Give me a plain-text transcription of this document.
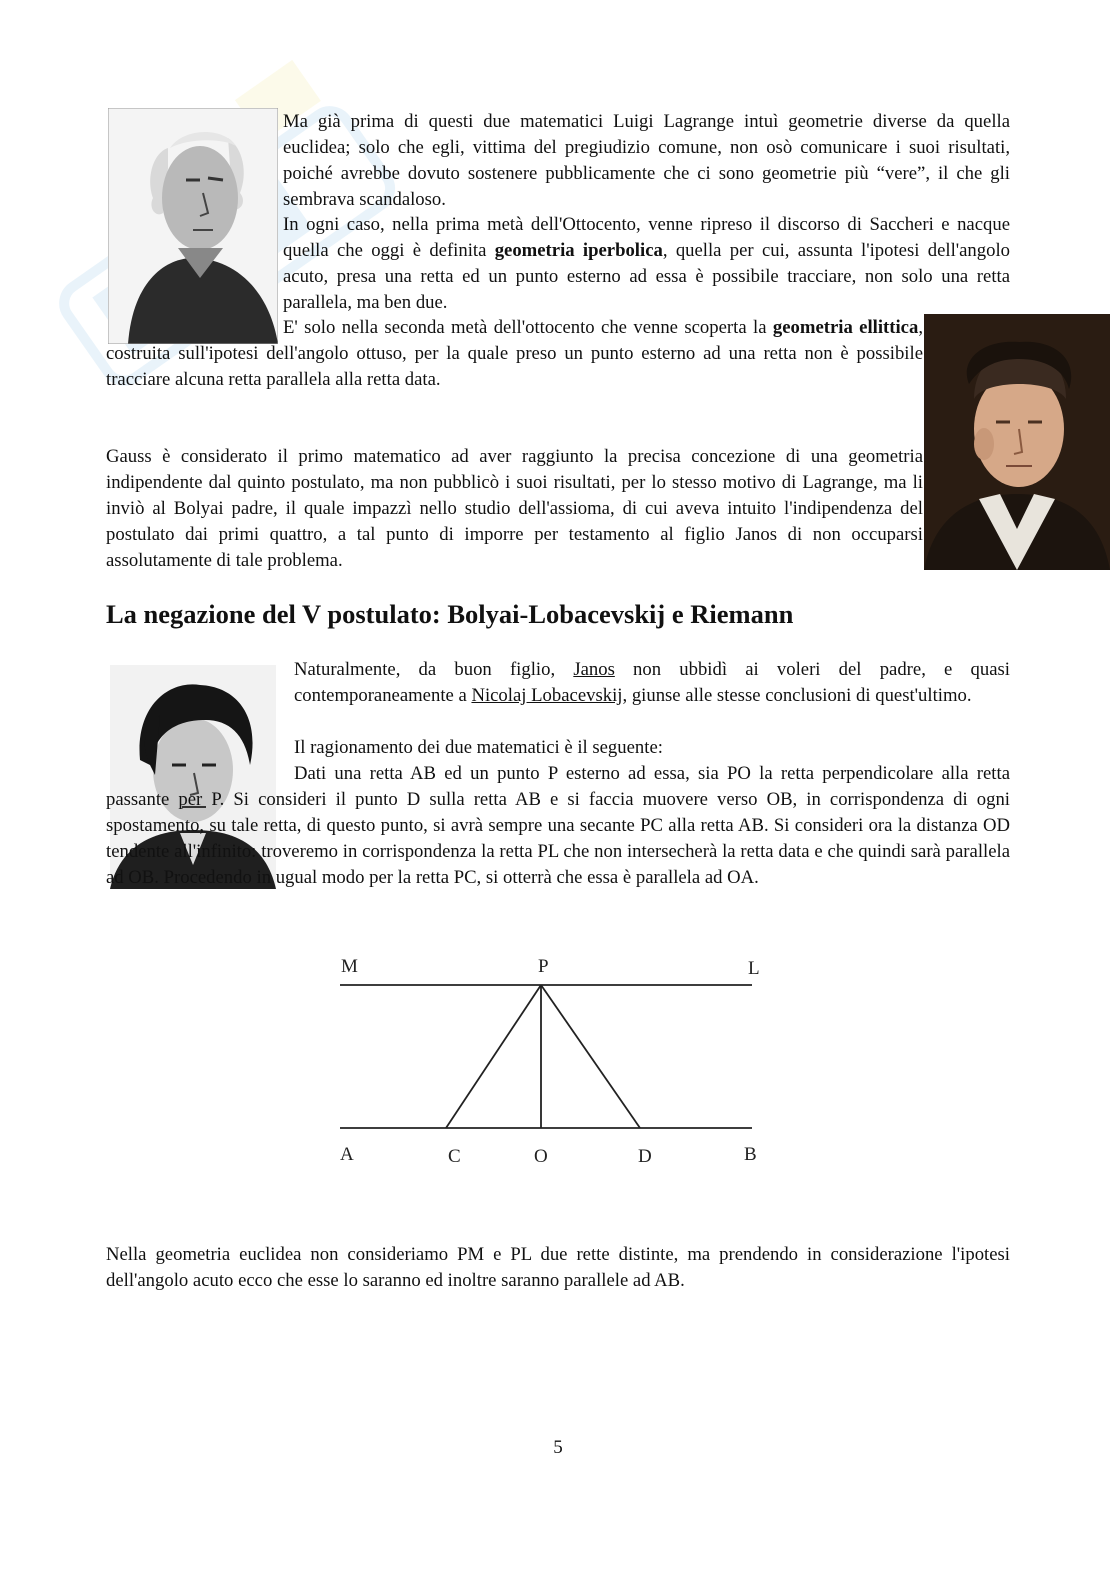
Ma già prima di questi due matematici Luigi Lagrange intuì geometrie diverse da quella euclidea; solo che egli, vittima del pregiudizio comune, non osò comunicare i suoi risultati, poiché avrebbe dovuto sostenere pubblicamente che ci sono geometrie più “vere”, il che gli sembrava scandaloso.

In ogni caso, nella prima metà dell'Ottocento, venne ripreso il discorso di Saccheri e nacque quella che oggi è definita geometria iperbolica, quella per cui, assunta l'ipotesi dell'angolo acuto, presa una retta ed un punto esterno ad essa è possibile tracciare, non solo una retta parallela, ma ben due.

E' solo nella seconda metà dell'ottocento che venne scoperta la geometria ellittica, costruita sull'ipotesi dell'angolo ottuso, per la quale preso un punto esterno ad una retta non è possibile tracciare alcuna retta parallela alla retta data.

Gauss è considerato il primo matematico ad aver raggiunto la precisa concezione di una geometria indipendente dal quinto postulato, ma non pubblicò i suoi risultati, per lo stesso motivo di Lagrange, ma li inviò al Bolyai padre, il quale impazzì nello studio dell'assioma, di cui aveva intuito l'indipendenza del postulato dai primi quattro, a tal punto di imporre per testamento al figlio Janos di non occuparsi assolutamente di tale problema.

La negazione del V postulato: Bolyai-Lobacevskij e Riemann

Naturalmente, da buon figlio, Janos non ubbidì ai voleri del padre, e quasi contemporaneamente a Nicolaj Lobacevskij, giunse alle stesse conclusioni di quest'ultimo.

Il ragionamento dei due matematici è il seguente:

Dati una retta AB ed un punto P esterno ad essa, sia PO la retta perpendicolare alla retta passante per P. Si consideri il punto D sulla retta AB e si faccia muovere verso OB, in corrispondenza di ogni spostamento, su tale retta, di questo punto, si avrà sempre una secante PC alla retta AB. Si consideri ora la distanza OD tendente all'infinito: troveremo in corrispondenza la retta PL che non intersecherà la retta data e che quindi sarà parallela ad OB. Procedendo in ugual modo per la retta PC, si otterrà che essa è parallela ad OA.

M	P	L
A	C	O	D	B

Nella geometria euclidea non consideriamo PM e PL due rette distinte, ma prendendo in considerazione l'ipotesi dell'angolo acuto ecco che esse lo saranno ed inoltre saranno parallele ad AB.

5
